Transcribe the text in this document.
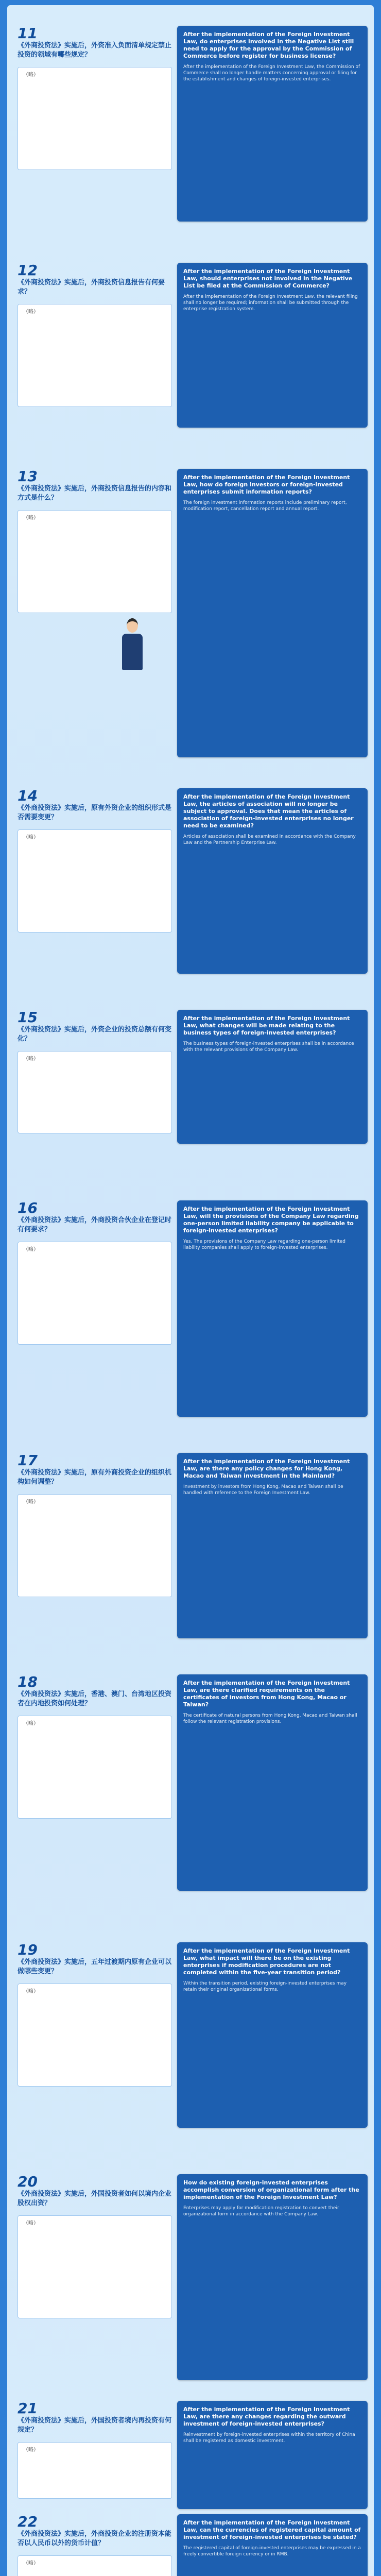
11
《外商投资法》实施后，外资准入负面清单规定禁止投资的领域有哪些规定？
（略）
After the implementation of the Foreign Investment Law, do enterprises involved in the Negative List still need to apply for the approval by the Commission of Commerce before register for business license?
After the implementation of the Foreign Investment Law, the Commission of Commerce shall no longer handle matters concerning approval or filing for the establishment and changes of foreign-invested enterprises.
12
《外商投资法》实施后，外商投资信息报告有何要求？
（略）
After the implementation of the Foreign Investment Law, should enterprises not involved in the Negative List be filed at the Commission of Commerce?
After the implementation of the Foreign Investment Law, the relevant filing shall no longer be required; information shall be submitted through the enterprise registration system.
13
《外商投资法》实施后，外商投资信息报告的内容和方式是什么？
（略）
After the implementation of the Foreign Investment Law, how do foreign investors or foreign-invested enterprises submit information reports?
The foreign investment information reports include preliminary report, modification report, cancellation report and annual report.
14
《外商投资法》实施后，原有外资企业的组织形式是否需要变更？
（略）
After the implementation of the Foreign Investment Law, the articles of association will no longer be subject to approval. Does that mean the articles of association of foreign-invested enterprises no longer need to be examined?
Articles of association shall be examined in accordance with the Company Law and the Partnership Enterprise Law.
15
《外商投资法》实施后，外资企业的投资总额有何变化？
（略）
After the implementation of the Foreign Investment Law, what changes will be made relating to the business types of foreign-invested enterprises?
The business types of foreign-invested enterprises shall be in accordance with the relevant provisions of the Company Law.
16
《外商投资法》实施后，外商投资合伙企业在登记时有何要求？
（略）
After the implementation of the Foreign Investment Law, will the provisions of the Company Law regarding one-person limited liability company be applicable to foreign-invested enterprises?
Yes. The provisions of the Company Law regarding one-person limited liability companies shall apply to foreign-invested enterprises.
17
《外商投资法》实施后，原有外商投资企业的组织机构如何调整？
（略）
After the implementation of the Foreign Investment Law, are there any policy changes for Hong Kong, Macao and Taiwan investment in the Mainland?
Investment by investors from Hong Kong, Macao and Taiwan shall be handled with reference to the Foreign Investment Law.
18
《外商投资法》实施后，香港、澳门、台湾地区投资者在内地投资如何处理？
（略）
After the implementation of the Foreign Investment Law, are there clarified requirements on the certificates of investors from Hong Kong, Macao or Taiwan?
The certificate of natural persons from Hong Kong, Macao and Taiwan shall follow the relevant registration provisions.
19
《外商投资法》实施后，五年过渡期内原有企业可以做哪些变更？
（略）
After the implementation of the Foreign Investment Law, what impact will there be on the existing enterprises if modification procedures are not completed within the five-year transition period?
Within the transition period, existing foreign-invested enterprises may retain their original organizational forms.
20
《外商投资法》实施后，外国投资者如何以境内企业股权出资？
（略）
How do existing foreign-invested enterprises accomplish conversion of organizational form after the implementation of the Foreign Investment Law?
Enterprises may apply for modification registration to convert their organizational form in accordance with the Company Law.
21
《外商投资法》实施后，外国投资者境内再投资有何规定？
（略）
After the implementation of the Foreign Investment Law, are there any changes regarding the outward investment of foreign-invested enterprises?
Reinvestment by foreign-invested enterprises within the territory of China shall be registered as domestic investment.
22
《外商投资法》实施后，外商投资企业的注册资本能否以人民币以外的货币计值？
（略）
After the implementation of the Foreign Investment Law, can the currencies of registered capital amount of investment of foreign-invested enterprises be stated?
The registered capital of foreign-invested enterprises may be expressed in a freely convertible foreign currency or in RMB.
